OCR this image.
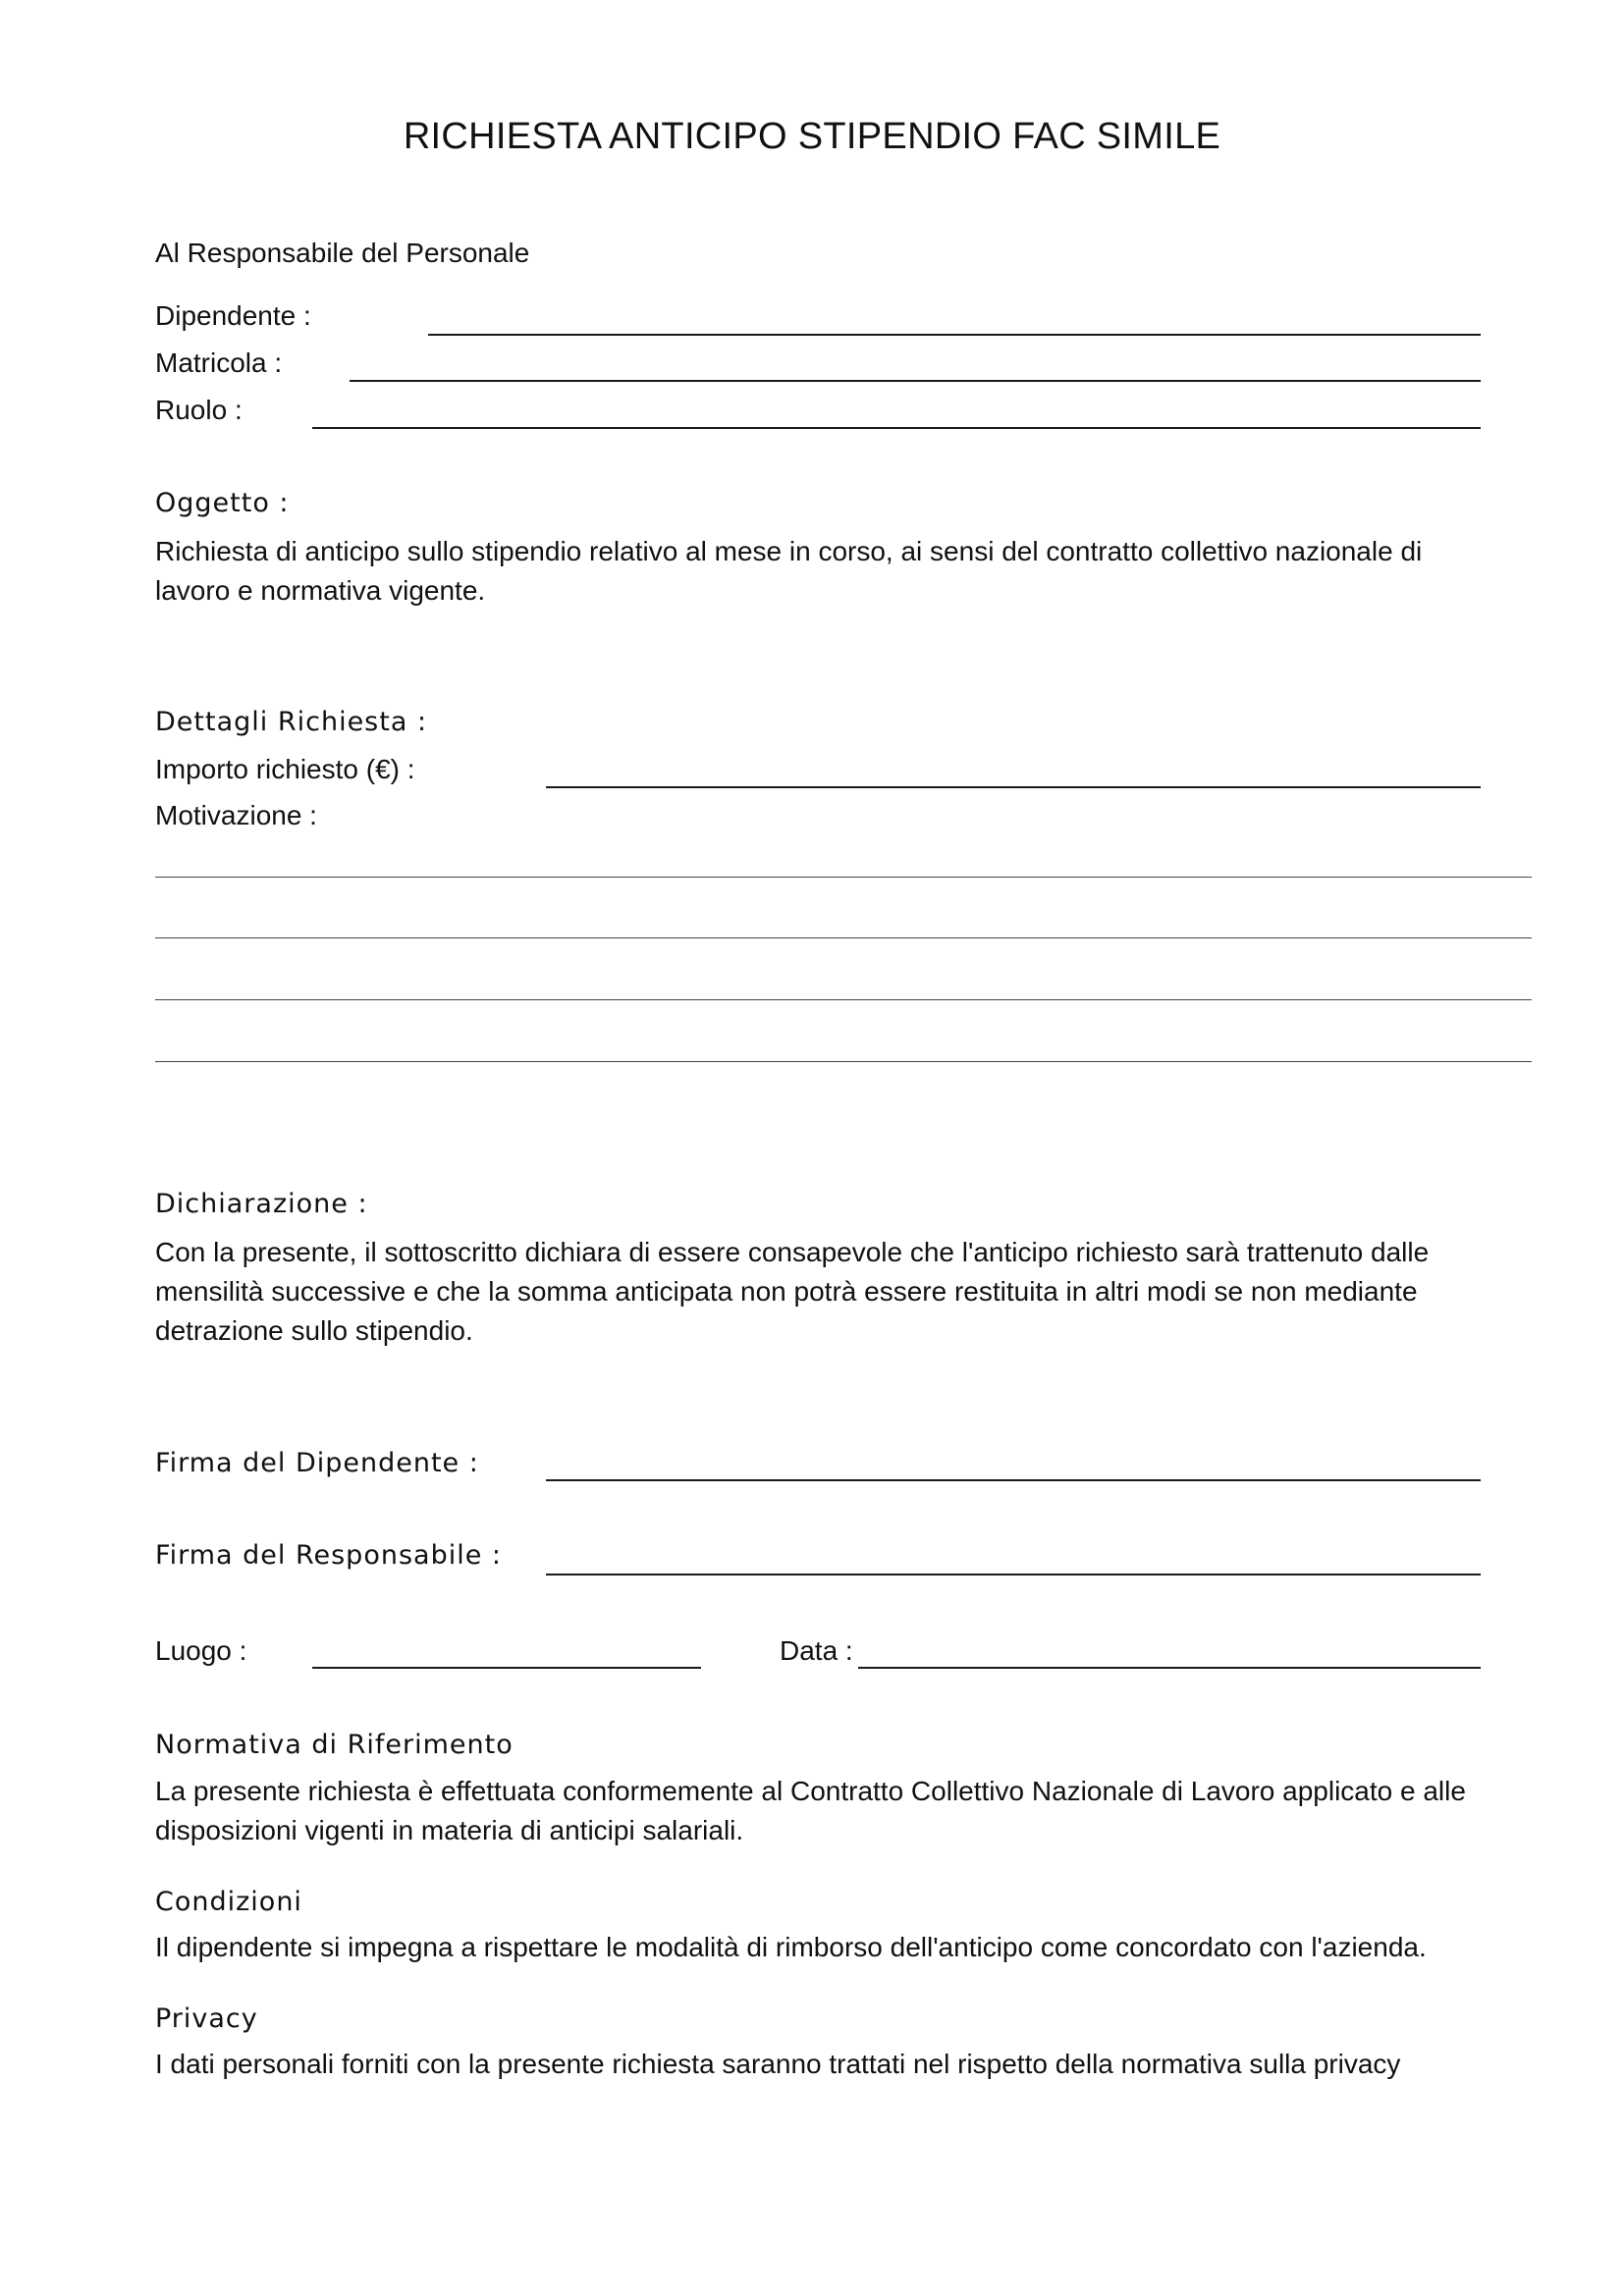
RICHIESTA ANTICIPO STIPENDIO FAC SIMILE
Al Responsabile del Personale
Dipendente :
Matricola :
Ruolo :
Oggetto :
Richiesta di anticipo sullo stipendio relativo al mese in corso, ai sensi del contratto collettivo nazionale di lavoro e normativa vigente.
Dettagli Richiesta :
Importo richiesto (€) :
Motivazione :
Dichiarazione :
Con la presente, il sottoscritto dichiara di essere consapevole che l'anticipo richiesto sarà trattenuto dalle mensilità successive e che la somma anticipata non potrà essere restituita in altri modi se non mediante detrazione sullo stipendio.
Firma del Dipendente :
Firma del Responsabile :
Luogo :	Data :
Normativa di Riferimento
La presente richiesta è effettuata conformemente al Contratto Collettivo Nazionale di Lavoro applicato e alle disposizioni vigenti in materia di anticipi salariali.
Condizioni
Il dipendente si impegna a rispettare le modalità di rimborso dell'anticipo come concordato con l'azienda.
Privacy
I dati personali forniti con la presente richiesta saranno trattati nel rispetto della normativa sulla privacy
